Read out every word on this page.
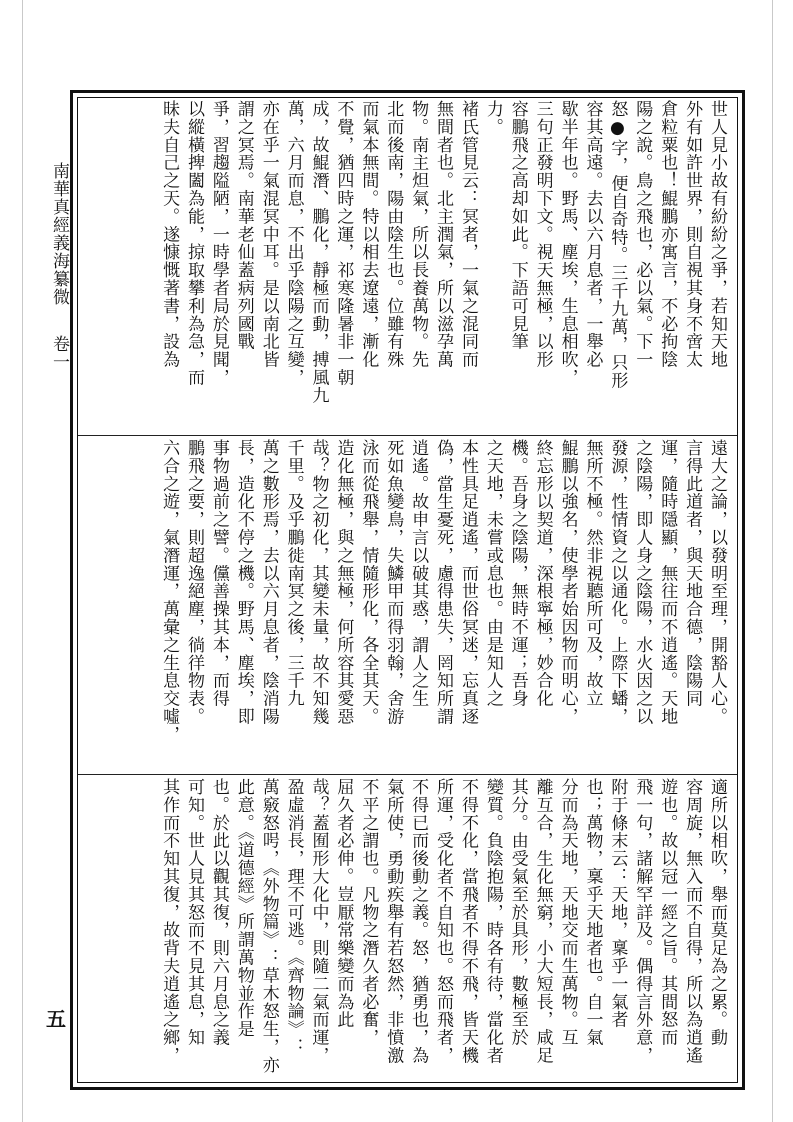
南華真經義海纂微  卷一
五
世人見小故有紛紛之爭，若知天地
外有如許世界，則自視其身不啻太
倉粒粟也！鯤鵬亦寓言，不必拘陰
陽之說。鳥之飛也，必以氣。下一
怒●字，便自奇特。三千九萬，只形
容其高遠。去以六月息者，一舉必
歇半年也。野馬、塵埃，生息相吹，
三句正發明下文。視天無極，以形
容鵬飛之高却如此。下語可見筆
力。
褚氏管見云：冥者，一氣之混同而
無間者也。北主潤氣，所以滋孕萬
物。南主炟氣，所以長養萬物。先
北而後南，陽由陰生也。位雖有殊
而氣本無間。特以相去遼遠，漸化
不覺，猶四時之運，祁寒隆暑非一朝
成，故鯤潛、鵬化，靜極而動，搏風九
萬，六月而息，不出乎陰陽之互變，
亦在乎一氣混冥中耳。是以南北皆
謂之冥焉。南華老仙蓋病列國戰
爭，習趨隘陋，一時學者局於見聞，
以縱橫捭闔為能，掠取攀利為急，而
昧夫自己之天。遂慷慨著書，設為
遠大之論，以發明至理，開豁人心。
言得此道者，與天地合德，陰陽同
運，隨時隱顯，無往而不逍遙。天地
之陰陽，即人身之陰陽，水火因之以
發源，性情資之以通化。上際下蟠，
無所不極。然非視聽所可及，故立
鯤鵬以強名，使學者始因物而明心，
終忘形以契道，深根寧極，妙合化
機。吾身之陰陽，無時不運；吾身
之天地，未嘗或息也。由是知人之
本性具足逍遙，而世俗冥迷，忘真逐
偽，當生憂死，慮得患失，罔知所謂
逍遙。故申言以破其惑，謂人之生
死如魚變鳥，失鱗甲而得羽翰，舍游
泳而從飛舉，情隨形化，各全其天。
造化無極，與之無極，何所容其愛惡
哉？物之初化，其變未量，故不知幾
千里。及乎鵬徙南冥之後，三千九
萬之數形焉，去以六月息者，陰消陽
長，造化不停之機。野馬、塵埃，即
事物過前之譬。儻善操其本，而得
鵬飛之要，則超逸絕塵，徜徉物表。
六合之遊，氣潛運，萬彙之生息交噓，
適所以相吹，舉而莫足為之累。動
容周旋，無入而不自得，所以為逍遙
遊也。故以冠一經之旨。其間怒而
飛一句，諸解罕詳及。偶得言外意，
附于條末云：天地，稟乎一氣者
也；萬物，稟乎天地者也。自一氣
分而為天地，天地交而生萬物。互
離互合，生化無窮，小大短長，咸足
其分。由受氣至於具形，數極至於
變質。負陰抱陽，時各有待，當化者
不得不化，當飛者不得不飛，皆天機
所運，受化者不自知也。怒而飛者，
不得已而後動之義。怒，猶勇也，為
氣所使，勇動疾舉有若怒然，非憤激
不平之謂也。凡物之潛久者必奮，
屈久者必伸。豈厭常樂變而為此
哉？蓋囿形大化中，則隨二氣而運，
盈虛消長，理不可逃。《齊物論》：
萬竅怒呺，《外物篇》：草木怒生，亦
此意。《道德經》所謂萬物並作是
也。於此以觀其復，則六月息之義
可知。世人見其怒而不見其息，知
其作而不知其復，故背夫逍遙之鄉，
